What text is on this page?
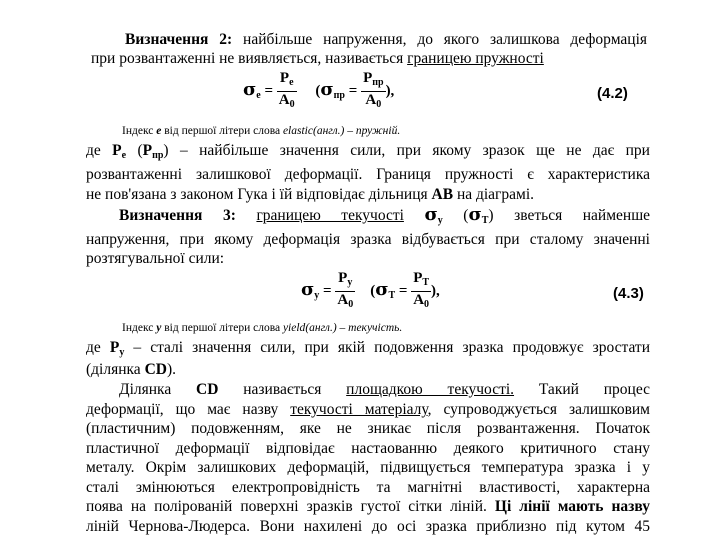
Визначення 2: найбільше напруження, до якого залишкова деформація
при розвантаженні не виявляється, називається границею пружності
$\sigma_e = \frac{P_e}{A_0} (\sigma_{пр} = \frac{P_{пр}}{A_0}$ ),	(4.2)
Індекс e від першої літери слова elastic(англ.) – пружній.
де $P_e$ $(P_{пр})$ – найбільше значення сили, при якому зразок ще не дає при
розвантаженні залишкової деформації. Границя пружності є характеристика
не пов'язана з законом Гука і їй відповідає дільниця АВ на діаграмі.
Визначення 3: границею текучості $\sigma_y$ $(\sigma_T)$ зветься найменше
напруження, при якому деформація зразка відбувається при сталому значенні
розтягувальної сили:
$\sigma_y = \frac{P_y}{A_0} (\sigma_T = \frac{P_T}{A_0}$ ),	(4.3)
Індекс y від першої літери слова yield(англ.) – текучість.
де $P_y$ – сталі значення сили, при якій подовження зразка продовжує зростати
(ділянка CD).
Ділянка CD називається площадкою текучості. Такий процес
деформації, що має назву текучості матеріалу, супроводжується залишковим
(пластичним) подовженням, яке не зникає після розвантаження. Початок
пластичної деформації відповідає настаованню деякого критичного стану
металу. Окрім залишкових деформацій, підвищується температура зразка і у
сталі змінюються електропровідність та магнітні властивості, характерна
поява на полірованій поверхні зразків густої сітки ліній. Ці лінії мають назву
ліній Чернова-Людерса. Вони нахилені до осі зразка приблизно під кутом 45
